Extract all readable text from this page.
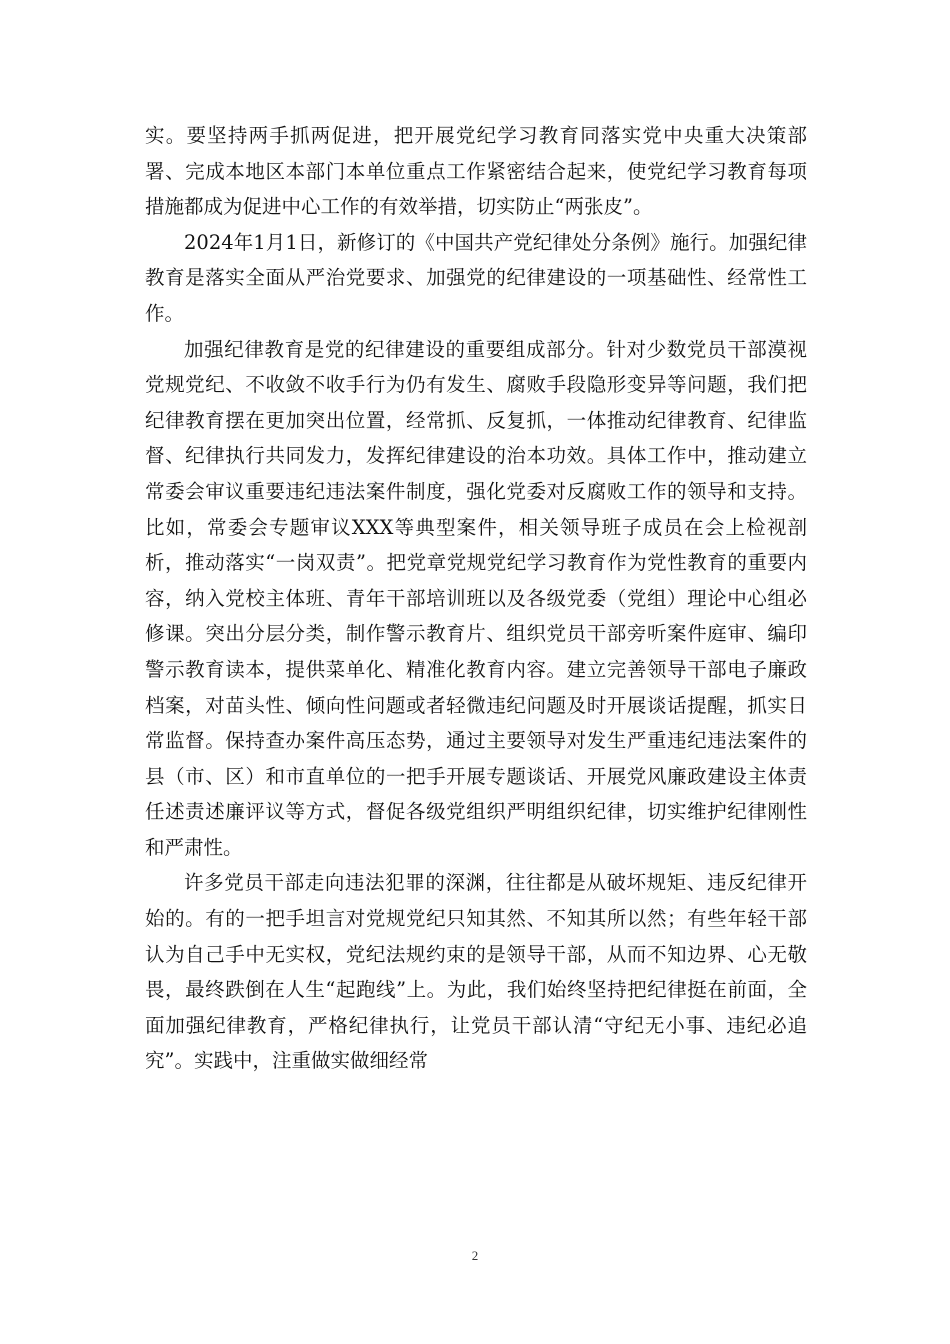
实。要坚持两手抓两促进，把开展党纪学习教育同落实党中央重大决策部署、完成本地区本部门本单位重点工作紧密结合起来，使党纪学习教育每项措施都成为促进中心工作的有效举措，切实防止“两张皮”。

2024年1月1日，新修订的《中国共产党纪律处分条例》施行。加强纪律教育是落实全面从严治党要求、加强党的纪律建设的一项基础性、经常性工作。

加强纪律教育是党的纪律建设的重要组成部分。针对少数党员干部漠视党规党纪、不收敛不收手行为仍有发生、腐败手段隐形变异等问题，我们把纪律教育摆在更加突出位置，经常抓、反复抓，一体推动纪律教育、纪律监督、纪律执行共同发力，发挥纪律建设的治本功效。具体工作中，推动建立常委会审议重要违纪违法案件制度，强化党委对反腐败工作的领导和支持。比如，常委会专题审议XXX等典型案件，相关领导班子成员在会上检视剖析，推动落实“一岗双责”。把党章党规党纪学习教育作为党性教育的重要内容，纳入党校主体班、青年干部培训班以及各级党委（党组）理论中心组必修课。突出分层分类，制作警示教育片、组织党员干部旁听案件庭审、编印警示教育读本，提供菜单化、精准化教育内容。建立完善领导干部电子廉政档案，对苗头性、倾向性问题或者轻微违纪问题及时开展谈话提醒，抓实日常监督。保持查办案件高压态势，通过主要领导对发生严重违纪违法案件的县（市、区）和市直单位的一把手开展专题谈话、开展党风廉政建设主体责任述责述廉评议等方式，督促各级党组织严明组织纪律，切实维护纪律刚性和严肃性。

许多党员干部走向违法犯罪的深渊，往往都是从破坏规矩、违反纪律开始的。有的一把手坦言对党规党纪只知其然、不知其所以然；有些年轻干部认为自己手中无实权，党纪法规约束的是领导干部，从而不知边界、心无敬畏，最终跌倒在人生“起跑线”上。为此，我们始终坚持把纪律挺在前面，全面加强纪律教育，严格纪律执行，让党员干部认清“守纪无小事、违纪必追究”。实践中，注重做实做细经常

2
